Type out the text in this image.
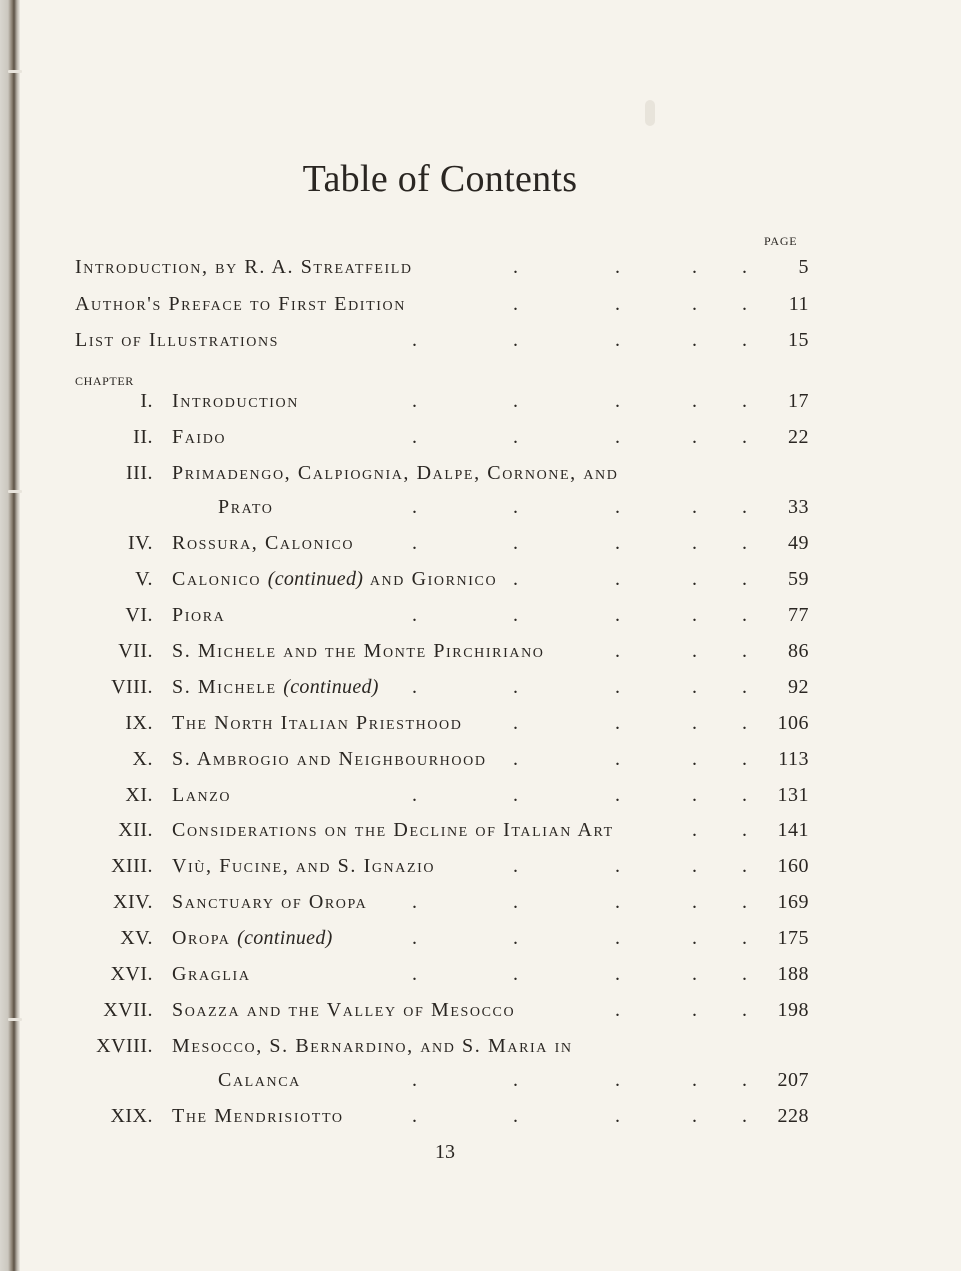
Table of Contents
PAGE
CHAPTER
Introduction, by R. A. Streatfeild	5
.	.	. .
Author's Preface to First Edition	11
.	.	. .
List of Illustrations	15
.	.	.	. .
I. Introduction	17
.	.	.	. .
II. Faido	22
.	.	.	. .
III. Primadengo, Calpiognia, Dalpe, Cornone, and
Prato	33
.	.	.	. .
IV. Rossura, Calonico	49
.	.	.	. .
V. Calonico (continued) and Giornico	59
.	.	. .
VI. Piora	77
.	.	.	. .
VII. S. Michele and the Monte Pirchiriano	86
.	. .
VIII. S. Michele (continued)	92
.	.	.	. .
IX. The North Italian Priesthood	106
.	.	. .
X. S. Ambrogio and Neighbourhood	113
.	.	. .
XI. Lanzo	131
.	.	.	. .
XII. Considerations on the Decline of Italian Art	141
. .
XIII. Viù, Fucine, and S. Ignazio	160
.	.	. .
XIV. Sanctuary of Oropa	169
.	.	.	. .
XV. Oropa (continued)	175
.	.	.	. .
XVI. Graglia	188
.	.	.	. .
XVII. Soazza and the Valley of Mesocco	198
.	. .
XVIII. Mesocco, S. Bernardino, and S. Maria in
Calanca	207
.	.	.	. .
XIX. The Mendrisiotto	228
.	.	.	. .
13
